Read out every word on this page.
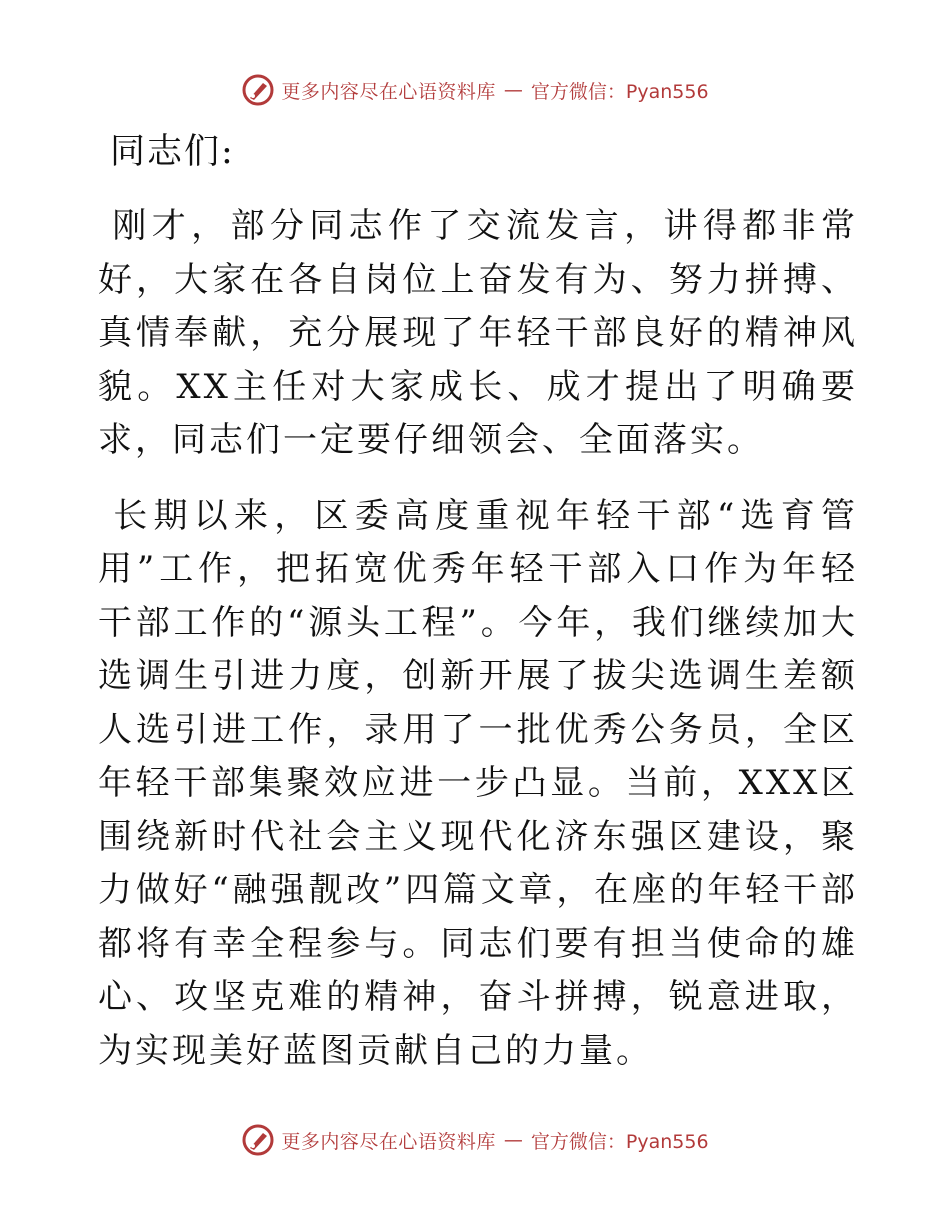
更多内容尽在心语资料库 — 官方微信：Pyan556
同志们:

刚才，部分同志作了交流发言，讲得都非常好，大家在各自岗位上奋发有为、努力拼搏、真情奉献，充分展现了年轻干部良好的精神风貌。XX主任对大家成长、成才提出了明确要求，同志们一定要仔细领会、全面落实。

长期以来，区委高度重视年轻干部“选育管用”工作，把拓宽优秀年轻干部入口作为年轻干部工作的“源头工程”。今年，我们继续加大选调生引进力度，创新开展了拔尖选调生差额人选引进工作，录用了一批优秀公务员，全区年轻干部集聚效应进一步凸显。当前，XXX区围绕新时代社会主义现代化济东强区建设，聚力做好“融强靓改”四篇文章，在座的年轻干部都将有幸全程参与。同志们要有担当使命的雄心、攻坚克难的精神，奋斗拼搏，锐意进取，为实现美好蓝图贡献自己的力量。

更多内容尽在心语资料库 — 官方微信：Pyan556
